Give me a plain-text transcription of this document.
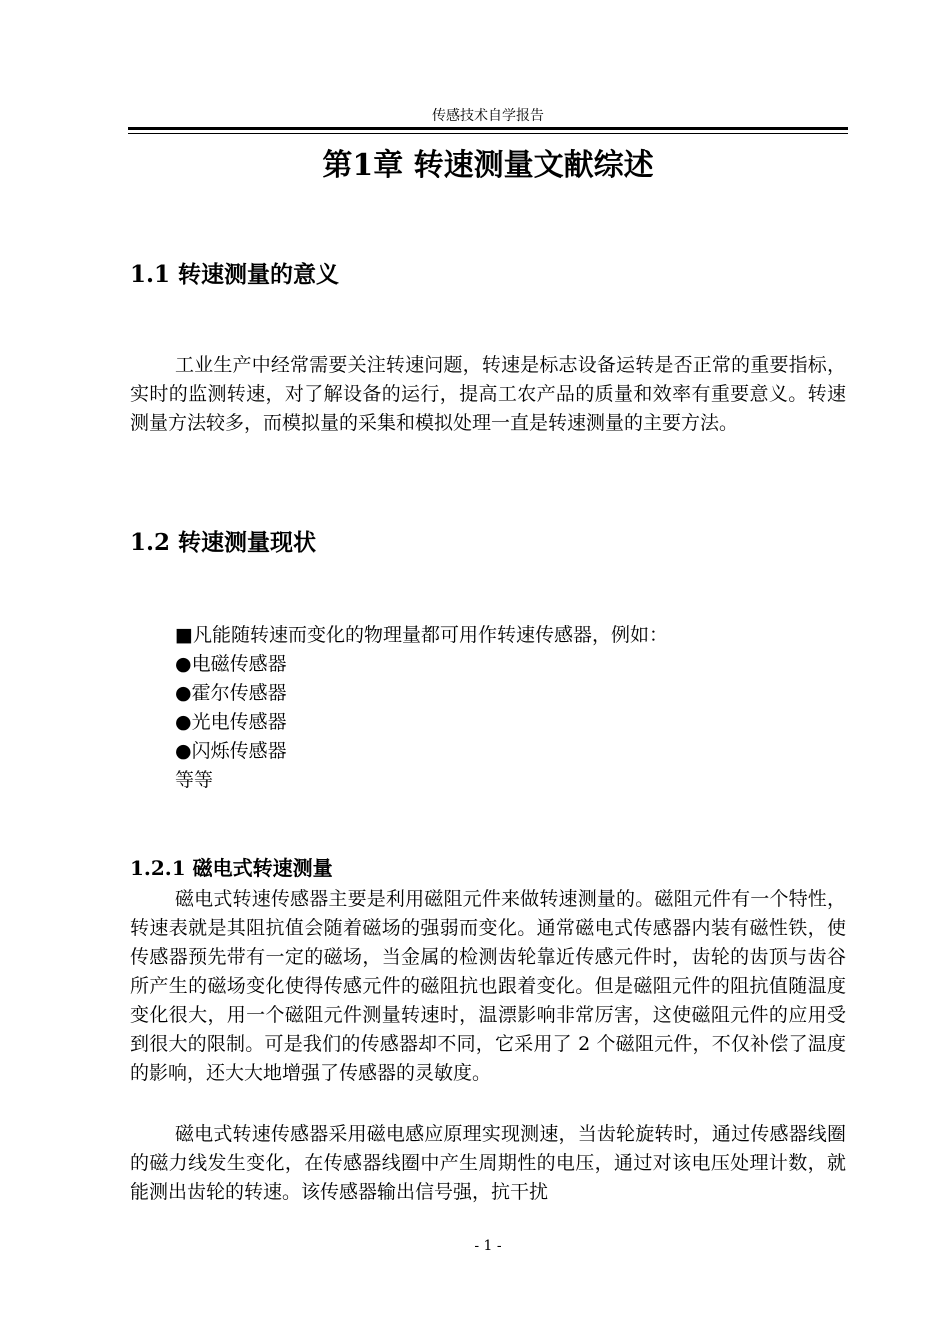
传感技术自学报告
第1章 转速测量文献综述
1.1 转速测量的意义

工业生产中经常需要关注转速问题，转速是标志设备运转是否正常的重要指标，实时的监测转速，对了解设备的运行，提高工农产品的质量和效率有重要意义。转速测量方法较多，而模拟量的采集和模拟处理一直是转速测量的主要方法。

1.2 转速测量现状
■凡能随转速而变化的物理量都可用作转速传感器，例如：
●电磁传感器
●霍尔传感器
●光电传感器
●闪烁传感器
等等
1.2.1 磁电式转速测量

磁电式转速传感器主要是利用磁阻元件来做转速测量的。磁阻元件有一个特性，转速表就是其阻抗值会随着磁场的强弱而变化。通常磁电式传感器内装有磁性铁，使传感器预先带有一定的磁场，当金属的检测齿轮靠近传感元件时，齿轮的齿顶与齿谷所产生的磁场变化使得传感元件的磁阻抗也跟着变化。但是磁阻元件的阻抗值随温度变化很大，用一个磁阻元件测量转速时，温漂影响非常厉害，这使磁阻元件的应用受到很大的限制。可是我们的传感器却不同，它采用了 2 个磁阻元件，不仅补偿了温度的影响，还大大地增强了传感器的灵敏度。

磁电式转速传感器采用磁电感应原理实现测速，当齿轮旋转时，通过传感器线圈的磁力线发生变化，在传感器线圈中产生周期性的电压，通过对该电压处理计数，就能测出齿轮的转速。该传感器输出信号强，抗干扰

- 1 -
